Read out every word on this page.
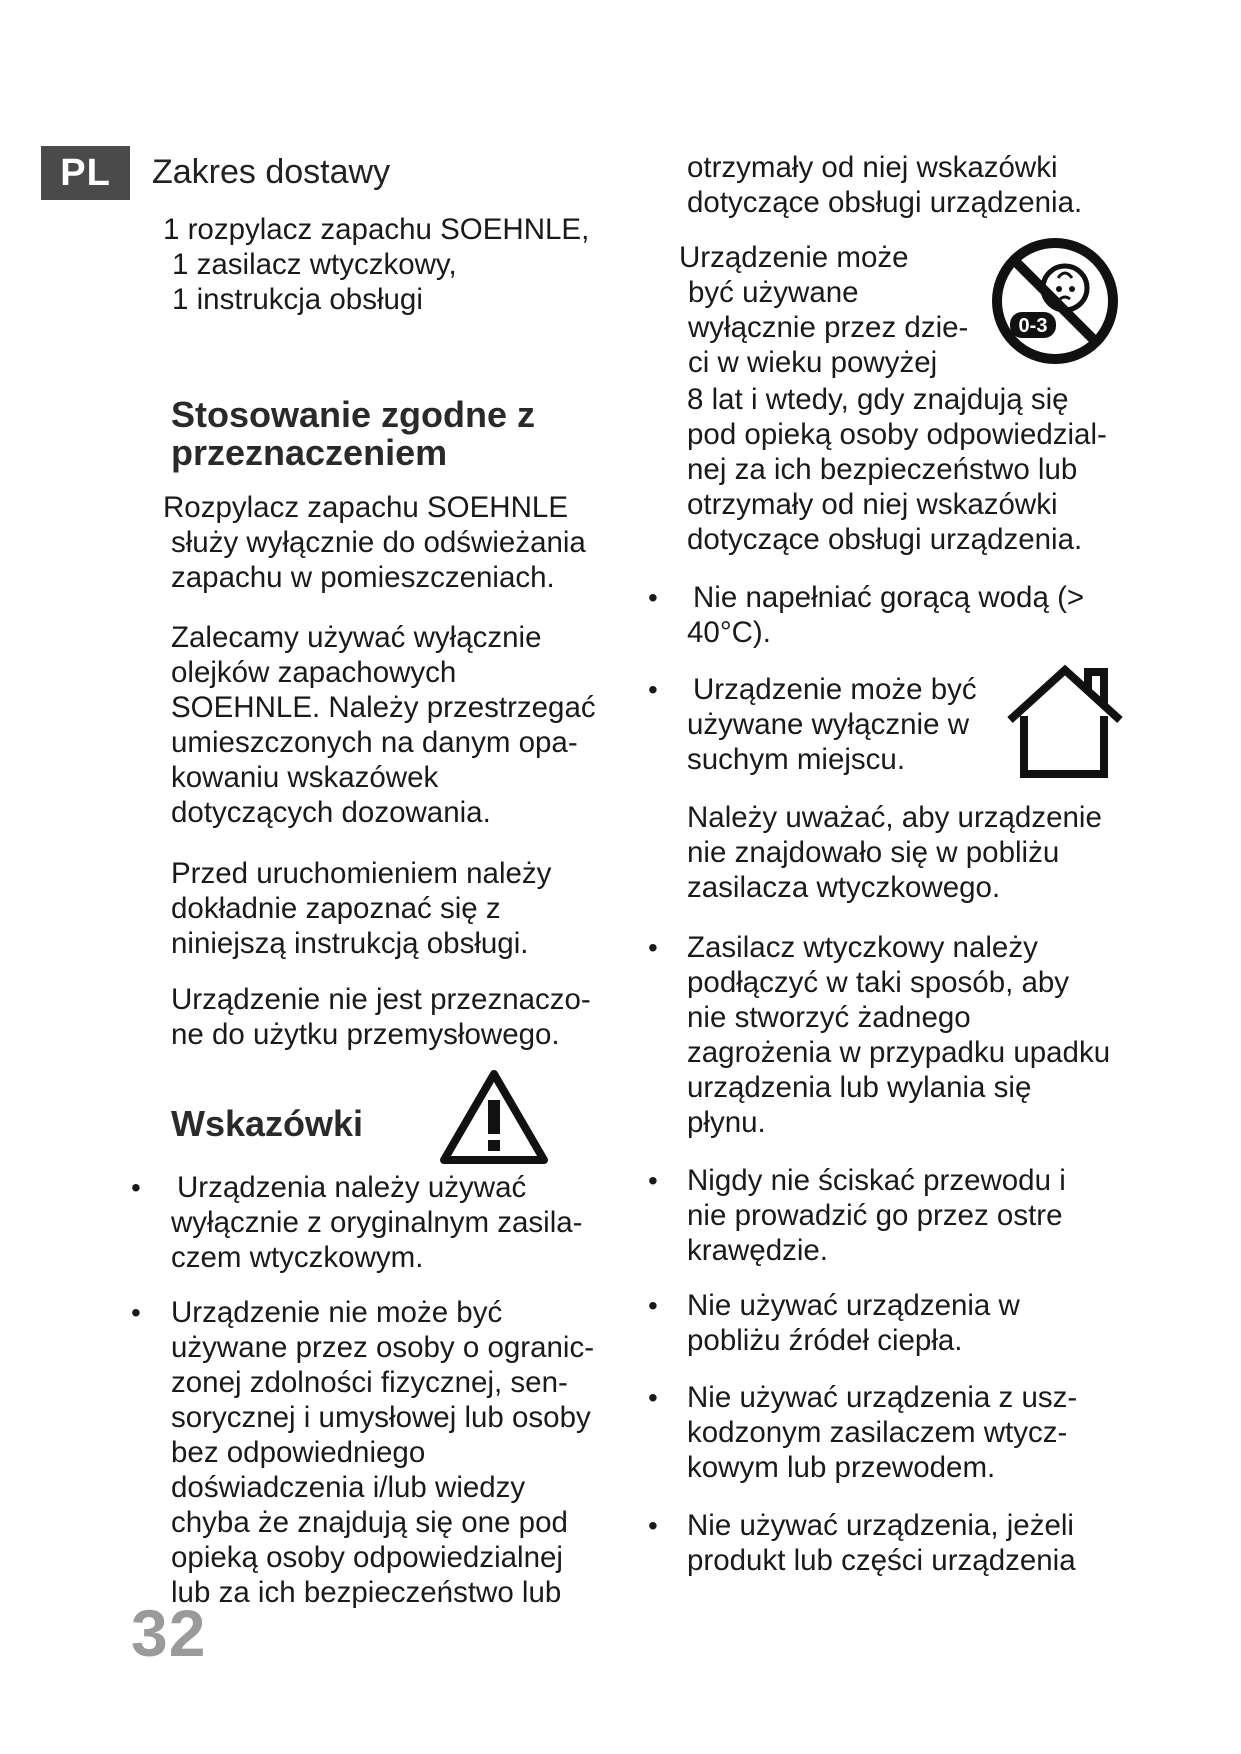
PL	Zakres dostawy
1 rozpylacz zapachu SOEHNLE,
1 zasilacz wtyczkowy,
1 instrukcja obsługi
Stosowanie zgodne z
przeznaczeniem
Rozpylacz zapachu SOEHNLE
służy wyłącznie do odświeżania
zapachu w pomieszczeniach.
Zalecamy używać wyłącznie
olejków zapachowych
SOEHNLE. Należy przestrzegać
umieszczonych na danym opa-
kowaniu wskazówek
dotyczących dozowania.
Przed uruchomieniem należy
dokładnie zapoznać się z
niniejszą instrukcją obsługi.
Urządzenie nie jest przeznaczo-
ne do użytku przemysłowego.
Wskazówki
• Urządzenia należy używać
wyłącznie z oryginalnym zasila-
czem wtyczkowym.
• Urządzenie nie może być
używane przez osoby o ogranic-
zonej zdolności fizycznej, sen-
sorycznej i umysłowej lub osoby
bez odpowiedniego
doświadczenia i/lub wiedzy
chyba że znajdują się one pod
opieką osoby odpowiedzialnej
lub za ich bezpieczeństwo lub
otrzymały od niej wskazówki
dotyczące obsługi urządzenia.
Urządzenie może
być używane
wyłącznie przez dzie-
ci w wieku powyżej
0-3
8 lat i wtedy, gdy znajdują się
pod opieką osoby odpowiedzial-
nej za ich bezpieczeństwo lub
otrzymały od niej wskazówki
dotyczące obsługi urządzenia.
• Nie napełniać gorącą wodą (>
40°C).
• Urządzenie może być
używane wyłącznie w
suchym miejscu.
Należy uważać, aby urządzenie
nie znajdowało się w pobliżu
zasilacza wtyczkowego.
• Zasilacz wtyczkowy należy
podłączyć w taki sposób, aby
nie stworzyć żadnego
zagrożenia w przypadku upadku
urządzenia lub wylania się
płynu.
• Nigdy nie ściskać przewodu i
nie prowadzić go przez ostre
krawędzie.
• Nie używać urządzenia w
pobliżu źródeł ciepła.
• Nie używać urządzenia z usz-
kodzonym zasilaczem wtycz-
kowym lub przewodem.
• Nie używać urządzenia, jeżeli
produkt lub części urządzenia
32
